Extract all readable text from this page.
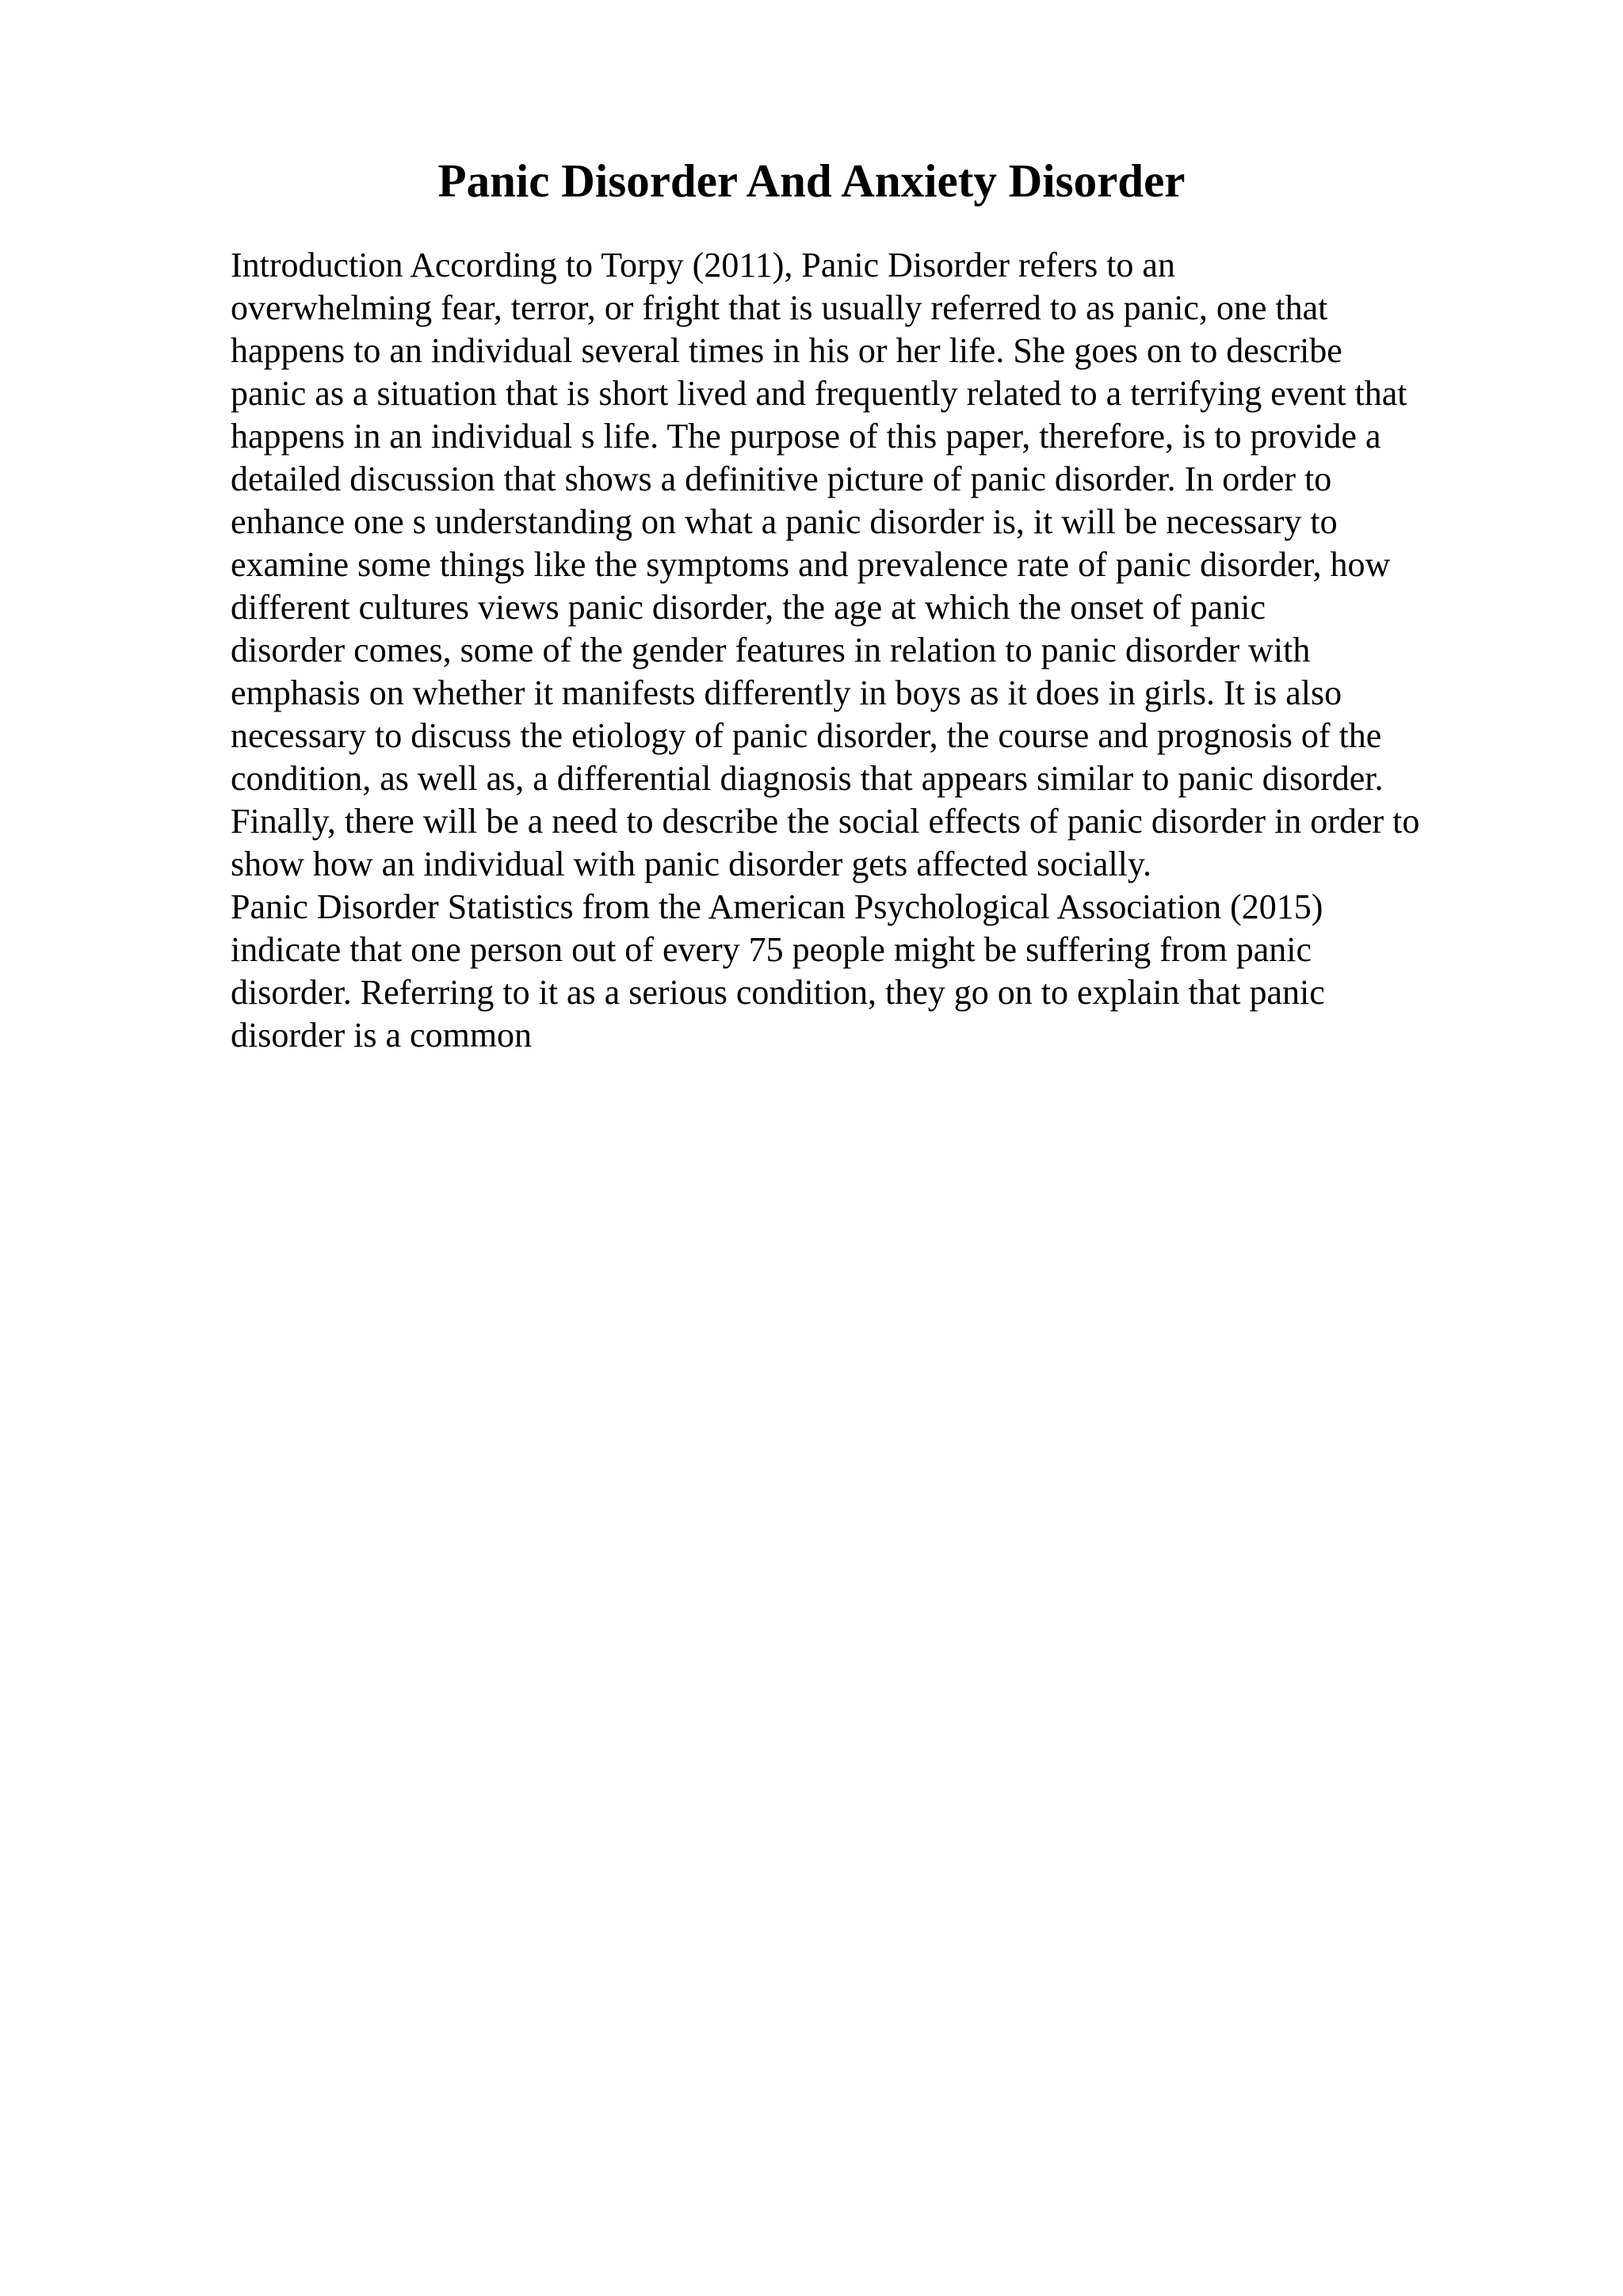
Panic Disorder And Anxiety Disorder
Introduction According to Torpy (2011), Panic Disorder refers to an
overwhelming fear, terror, or fright that is usually referred to as panic, one that
happens to an individual several times in his or her life. She goes on to describe
panic as a situation that is short lived and frequently related to a terrifying event that
happens in an individual s life. The purpose of this paper, therefore, is to provide a
detailed discussion that shows a definitive picture of panic disorder. In order to
enhance one s understanding on what a panic disorder is, it will be necessary to
examine some things like the symptoms and prevalence rate of panic disorder, how
different cultures views panic disorder, the age at which the onset of panic
disorder comes, some of the gender features in relation to panic disorder with
emphasis on whether it manifests differently in boys as it does in girls. It is also
necessary to discuss the etiology of panic disorder, the course and prognosis of the
condition, as well as, a differential diagnosis that appears similar to panic disorder.
Finally, there will be a need to describe the social effects of panic disorder in order to
show how an individual with panic disorder gets affected socially.
Panic Disorder Statistics from the American Psychological Association (2015)
indicate that one person out of every 75 people might be suffering from panic
disorder. Referring to it as a serious condition, they go on to explain that panic
disorder is a common
